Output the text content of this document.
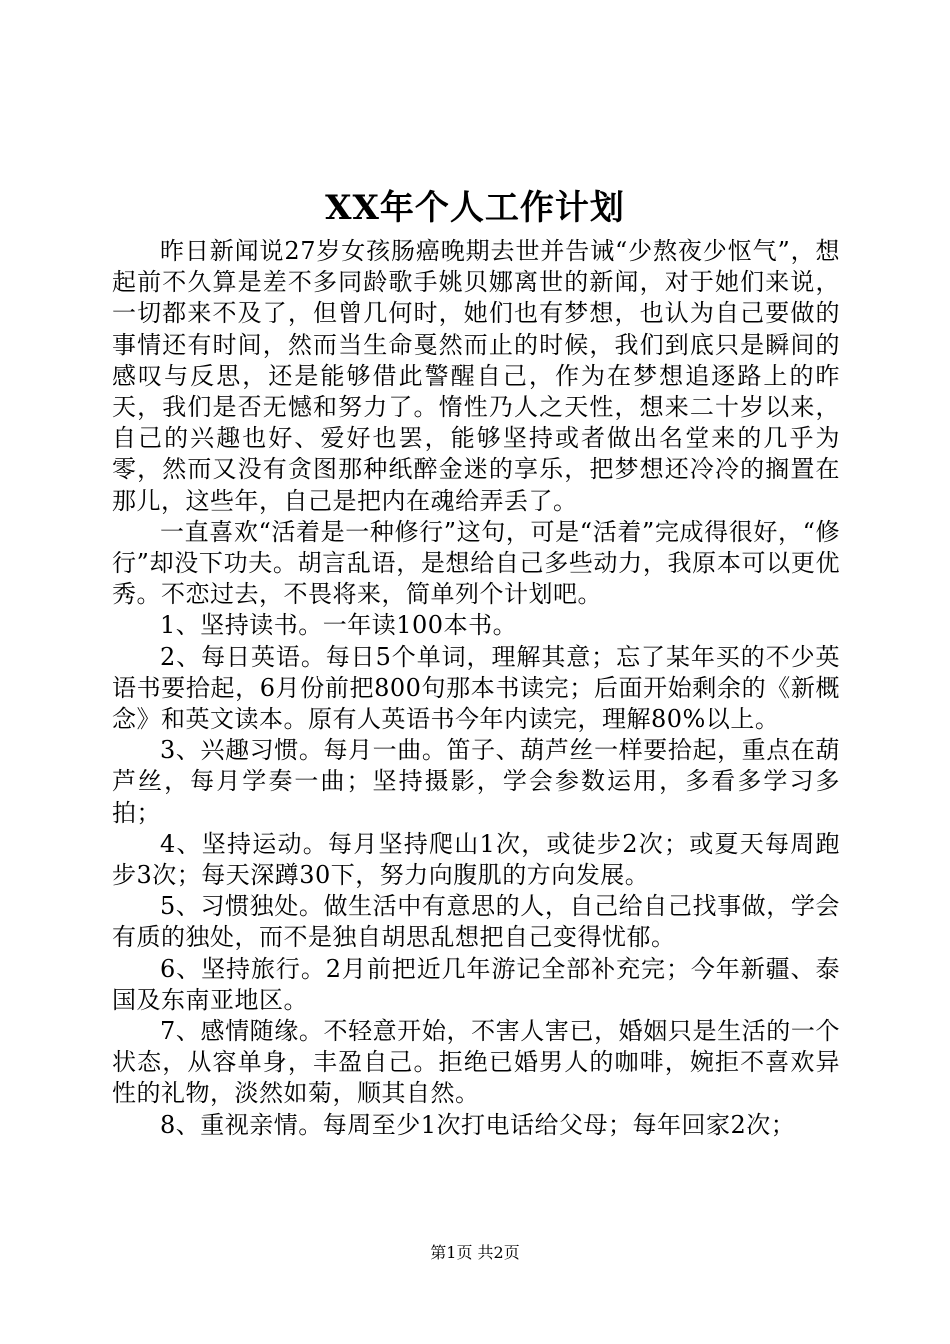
XX年个人工作计划

昨日新闻说27岁女孩肠癌晚期去世并告诫“少熬夜少怄气”，想起前不久算是差不多同龄歌手姚贝娜离世的新闻，对于她们来说，一切都来不及了，但曾几何时，她们也有梦想，也认为自己要做的事情还有时间，然而当生命戛然而止的时候，我们到底只是瞬间的感叹与反思，还是能够借此警醒自己，作为在梦想追逐路上的昨天，我们是否无憾和努力了。惰性乃人之天性，想来二十岁以来，自己的兴趣也好、爱好也罢，能够坚持或者做出名堂来的几乎为零，然而又没有贪图那种纸醉金迷的享乐，把梦想还冷冷的搁置在那儿，这些年，自己是把内在魂给弄丢了。

一直喜欢“活着是一种修行”这句，可是“活着”完成得很好，“修行”却没下功夫。胡言乱语，是想给自己多些动力，我原本可以更优秀。不恋过去，不畏将来，简单列个计划吧。

1、坚持读书。一年读100本书。

2、每日英语。每日5个单词，理解其意；忘了某年买的不少英语书要拾起，6月份前把800句那本书读完；后面开始剩余的《新概念》和英文读本。原有人英语书今年内读完，理解80%以上。

3、兴趣习惯。每月一曲。笛子、葫芦丝一样要拾起，重点在葫芦丝，每月学奏一曲；坚持摄影，学会参数运用，多看多学习多拍；

4、坚持运动。每月坚持爬山1次，或徒步2次；或夏天每周跑步3次；每天深蹲30下，努力向腹肌的方向发展。

5、习惯独处。做生活中有意思的人，自己给自己找事做，学会有质的独处，而不是独自胡思乱想把自己变得忧郁。

6、坚持旅行。2月前把近几年游记全部补充完；今年新疆、泰国及东南亚地区。

7、感情随缘。不轻意开始，不害人害已，婚姻只是生活的一个状态，从容单身，丰盈自己。拒绝已婚男人的咖啡，婉拒不喜欢异性的礼物，淡然如菊，顺其自然。

8、重视亲情。每周至少1次打电话给父母；每年回家2次；

第1页 共2页
